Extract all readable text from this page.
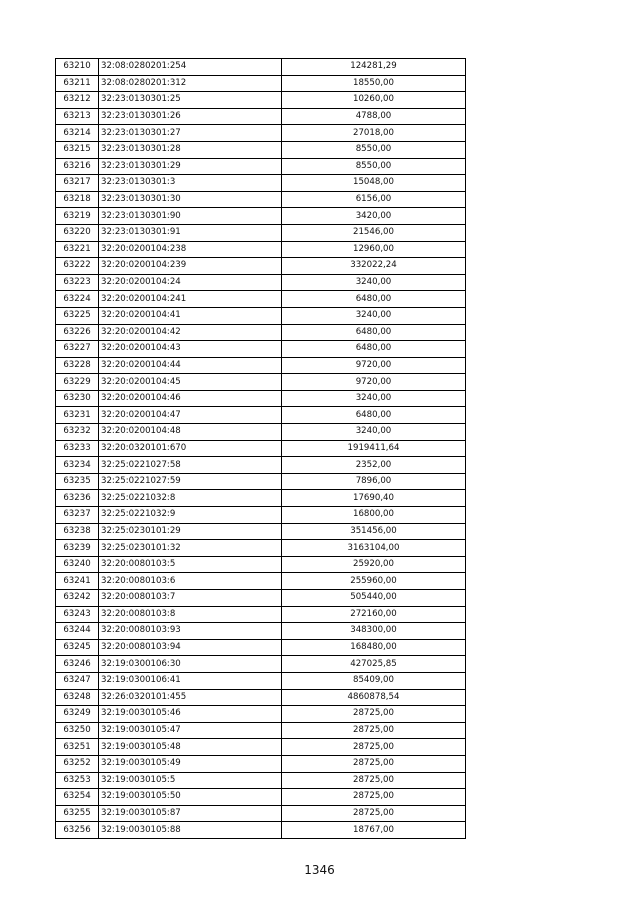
63210	32:08:0280201:254	124281,29
63211	32:08:0280201:312	18550,00
63212	32:23:0130301:25	10260,00
63213	32:23:0130301:26	4788,00
63214	32:23:0130301:27	27018,00
63215	32:23:0130301:28	8550,00
63216	32:23:0130301:29	8550,00
63217	32:23:0130301:3	15048,00
63218	32:23:0130301:30	6156,00
63219	32:23:0130301:90	3420,00
63220	32:23:0130301:91	21546,00
63221	32:20:0200104:238	12960,00
63222	32:20:0200104:239	332022,24
63223	32:20:0200104:24	3240,00
63224	32:20:0200104:241	6480,00
63225	32:20:0200104:41	3240,00
63226	32:20:0200104:42	6480,00
63227	32:20:0200104:43	6480,00
63228	32:20:0200104:44	9720,00
63229	32:20:0200104:45	9720,00
63230	32:20:0200104:46	3240,00
63231	32:20:0200104:47	6480,00
63232	32:20:0200104:48	3240,00
63233	32:20:0320101:670	1919411,64
63234	32:25:0221027:58	2352,00
63235	32:25:0221027:59	7896,00
63236	32:25:0221032:8	17690,40
63237	32:25:0221032:9	16800,00
63238	32:25:0230101:29	351456,00
63239	32:25:0230101:32	3163104,00
63240	32:20:0080103:5	25920,00
63241	32:20:0080103:6	255960,00
63242	32:20:0080103:7	505440,00
63243	32:20:0080103:8	272160,00
63244	32:20:0080103:93	348300,00
63245	32:20:0080103:94	168480,00
63246	32:19:0300106:30	427025,85
63247	32:19:0300106:41	85409,00
63248	32:26:0320101:455	4860878,54
63249	32:19:0030105:46	28725,00
63250	32:19:0030105:47	28725,00
63251	32:19:0030105:48	28725,00
63252	32:19:0030105:49	28725,00
63253	32:19:0030105:5	28725,00
63254	32:19:0030105:50	28725,00
63255	32:19:0030105:87	28725,00
63256	32:19:0030105:88	18767,00
1346
